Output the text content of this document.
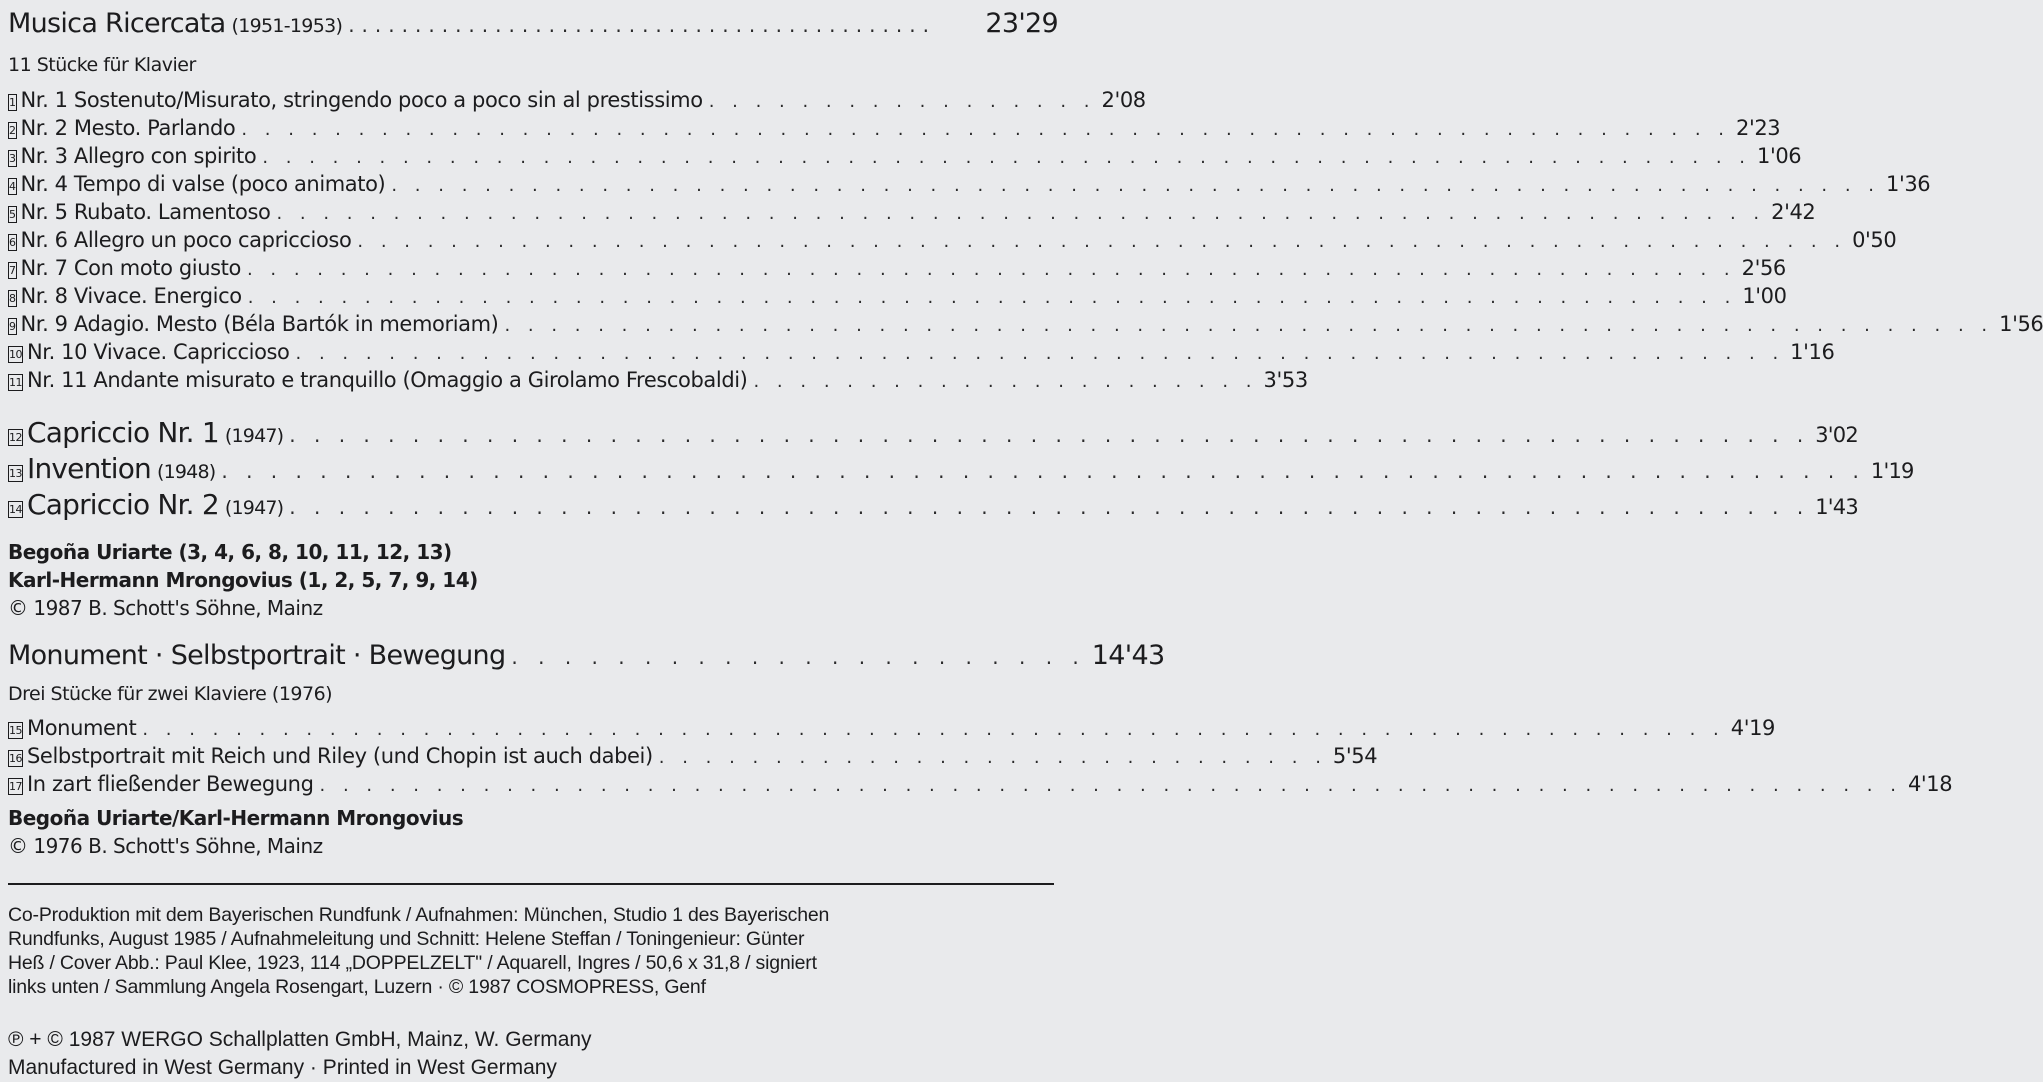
Musica Ricercata (1951-1953) ............................................	23'29
11 Stücke für Klavier
1 Nr. 1 Sostenuto/Misurato, stringendo poco a poco sin al prestissimo . . . . . . . . . . . . . . . . . 2'08
2 Nr. 2 Mesto. Parlando . . . . . . . . . . . . . . . . . . . . . . . . . . . . . . . . . . . . . . . . . . . . . . . . . . . . . . . . . . . . . . . . 2'23
3 Nr. 3 Allegro con spirito . . . . . . . . . . . . . . . . . . . . . . . . . . . . . . . . . . . . . . . . . . . . . . . . . . . . . . . . . . . . . . . . 1'06
4 Nr. 4 Tempo di valse (poco animato) . . . . . . . . . . . . . . . . . . . . . . . . . . . . . . . . . . . . . . . . . . . . . . . . . . . . . . . . . . . . . . . . 1'36
5 Nr. 5 Rubato. Lamentoso . . . . . . . . . . . . . . . . . . . . . . . . . . . . . . . . . . . . . . . . . . . . . . . . . . . . . . . . . . . . . . . . 2'42
6 Nr. 6 Allegro un poco capriccioso . . . . . . . . . . . . . . . . . . . . . . . . . . . . . . . . . . . . . . . . . . . . . . . . . . . . . . . . . . . . . . . . 0'50
7 Nr. 7 Con moto giusto . . . . . . . . . . . . . . . . . . . . . . . . . . . . . . . . . . . . . . . . . . . . . . . . . . . . . . . . . . . . . . . . 2'56
8 Nr. 8 Vivace. Energico . . . . . . . . . . . . . . . . . . . . . . . . . . . . . . . . . . . . . . . . . . . . . . . . . . . . . . . . . . . . . . . . 1'00
9 Nr. 9 Adagio. Mesto (Béla Bartók in memoriam) . . . . . . . . . . . . . . . . . . . . . . . . . . . . . . . . . . . . . . . . . . . . . . . . . . . . . . . . . . . . . . . . 1'56
10 Nr. 10 Vivace. Capriccioso . . . . . . . . . . . . . . . . . . . . . . . . . . . . . . . . . . . . . . . . . . . . . . . . . . . . . . . . . . . . . . . . 1'16
11 Nr. 11 Andante misurato e tranquillo (Omaggio a Girolamo Frescobaldi) . . . . . . . . . . . . . . . . . . . . . . 3'53
12 Capriccio Nr. 1 (1947) . . . . . . . . . . . . . . . . . . . . . . . . . . . . . . . . . . . . . . . . . . . . . . . . . . . . . . . . . . . . . . 3'02
13 Invention (1948) . . . . . . . . . . . . . . . . . . . . . . . . . . . . . . . . . . . . . . . . . . . . . . . . . . . . . . . . . . . . . . . . . . . 1'19
14 Capriccio Nr. 2 (1947) . . . . . . . . . . . . . . . . . . . . . . . . . . . . . . . . . . . . . . . . . . . . . . . . . . . . . . . . . . . . . . 1'43
Begoña Uriarte (3, 4, 6, 8, 10, 11, 12, 13)
Karl-Hermann Mrongovius (1, 2, 5, 7, 9, 14)
© 1987 B. Schott's Söhne, Mainz
Monument · Selbstportrait · Bewegung . . . . . . . . . . . . . . . . . . . . . . 14'43
Drei Stücke für zwei Klaviere (1976)
15 Monument . . . . . . . . . . . . . . . . . . . . . . . . . . . . . . . . . . . . . . . . . . . . . . . . . . . . . . . . . . . . . . . . . . . . 4'19
16 Selbstportrait mit Reich und Riley (und Chopin ist auch dabei) . . . . . . . . . . . . . . . . . . . . . . . . . . . . . 5'54
17 In zart fließender Bewegung . . . . . . . . . . . . . . . . . . . . . . . . . . . . . . . . . . . . . . . . . . . . . . . . . . . . . . . . . . . . . . . . . . . . 4'18
Begoña Uriarte/Karl-Hermann Mrongovius
© 1976 B. Schott's Söhne, Mainz
Co-Produktion mit dem Bayerischen Rundfunk / Aufnahmen: München, Studio 1 des Bayerischen
Rundfunks, August 1985 / Aufnahmeleitung und Schnitt: Helene Steffan / Toningenieur: Günter
Heß / Cover Abb.: Paul Klee, 1923, 114 „DOPPELZELT" / Aquarell, Ingres / 50,6 x 31,8 / signiert
links unten / Sammlung Angela Rosengart, Luzern · © 1987 COSMOPRESS, Genf
℗ + © 1987 WERGO Schallplatten GmbH, Mainz, W. Germany
Manufactured in West Germany · Printed in West Germany
